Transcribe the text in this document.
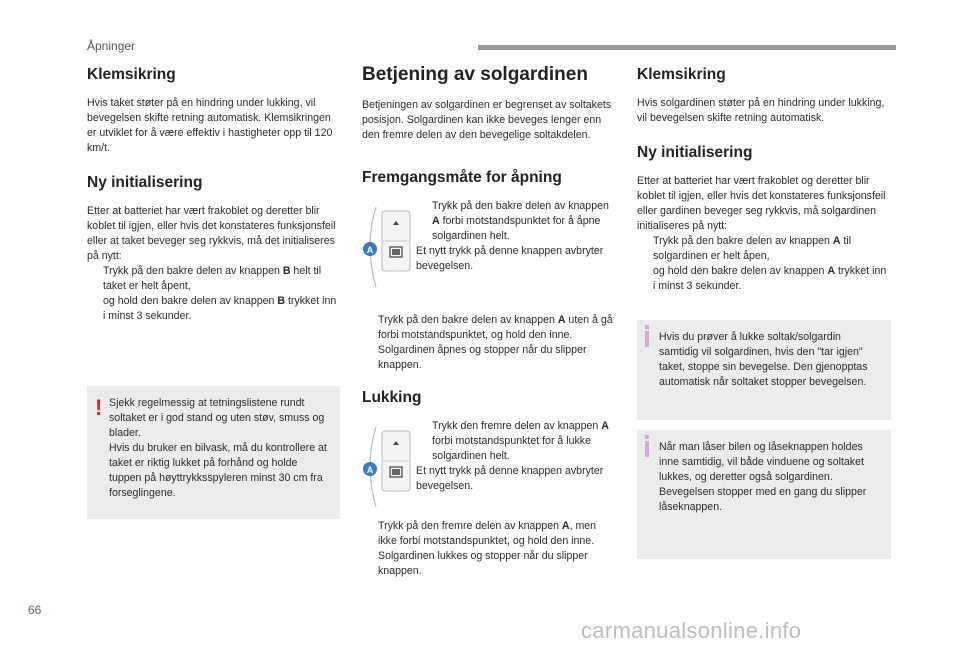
Åpninger
Klemsikring

Hvis taket støter på en hindring under lukking, vil bevegelsen skifte retning automatisk. Klemsikringen er utviklet for å være effektiv i hastigheter opp til 120 km/t.

Ny initialisering

Etter at batteriet har vært frakoblet og deretter blir koblet til igjen, eller hvis det konstateres funksjonsfeil eller at taket beveger seg rykkvis, må det initialiseres på nytt:

Trykk på den bakre delen av knappen B helt til taket er helt åpent,
og hold den bakre delen av knappen B trykket inn i minst 3 sekunder.
! Sjekk regelmessig at tetningslistene rundt soltaket er i god stand og uten støv, smuss og blader.
Hvis du bruker en bilvask, må du kontrollere at taket er riktig lukket på forhånd og holde tuppen på høyttrykksspyleren minst 30 cm fra forseglingene.

Betjening av solgardinen

Betjeningen av solgardinen er begrenset av soltakets posisjon. Solgardinen kan ikke beveges lenger enn den fremre delen av den bevegelige soltakdelen.

Fremgangsmåte for åpning
A
Trykk på den bakre delen av knappen A forbi motstandspunktet for å åpne solgardinen helt.

Et nytt trykk på denne knappen avbryter bevegelsen.

Trykk på den bakre delen av knappen A uten å gå forbi motstandspunktet, og hold den inne. Solgardinen åpnes og stopper når du slipper knappen.
Lukking
A
Trykk den fremre delen av knappen A forbi motstandspunktet for å lukke solgardinen helt.

Et nytt trykk på denne knappen avbryter bevegelsen.

Trykk på den fremre delen av knappen A, men ikke forbi motstandspunktet, og hold den inne. Solgardinen lukkes og stopper når du slipper knappen.
Klemsikring

Hvis solgardinen støter på en hindring under lukking, vil bevegelsen skifte retning automatisk.

Ny initialisering

Etter at batteriet har vært frakoblet og deretter blir koblet til igjen, eller hvis det konstateres funksjonsfeil eller gardinen beveger seg rykkvis, må solgardinen initialiseres på nytt:

Trykk på den bakre delen av knappen A til solgardinen er helt åpen,
og hold den bakre delen av knappen A trykket inn i minst 3 sekunder.

Hvis du prøver å lukke soltak/solgardin samtidig vil solgardinen, hvis den "tar igjen" taket, stoppe sin bevegelse. Den gjenopptas automatisk når soltaket stopper bevegelsen.

Når man låser bilen og låseknappen holdes inne samtidig, vil både vinduene og soltaket lukkes, og deretter også solgardinen. Bevegelsen stopper med en gang du slipper låseknappen.

66
carmanualsonline.info
